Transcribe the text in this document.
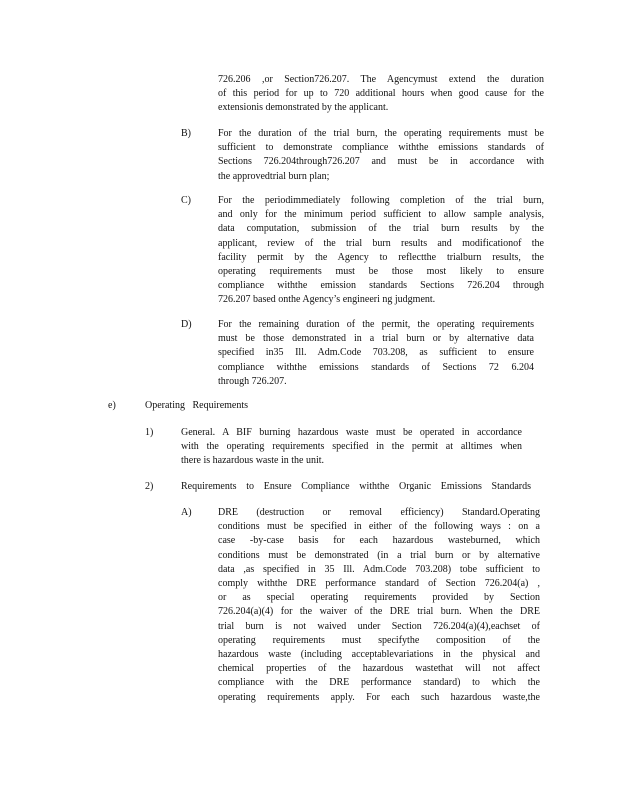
726.206 ,or Section726.207. The Agencymust extend the duration
of this period for up to 720 additional hours when good cause for the
extensionis demonstrated by the applicant.
B)	For the duration of the trial burn, the operating requirements must be
sufficient to demonstrate compliance withthe emissions standards of
Sections 726.204through726.207 and must be in accordance with
the approvedtrial burn plan;
C)	For the periodimmediately following completion of the trial burn,
and only for the minimum period sufficient to allow sample analysis,
data computation, submission of the trial burn results by the
applicant, review of the trial burn results and modificationof the
facility permit by the Agency to reflectthe trialburn results, the
operating requirements must be those most likely to ensure
compliance withthe emission standards Sections 726.204 through
726.207 based onthe Agency’s engineeri ng judgment.
D)	For the remaining duration of the permit, the operating requirements
must be those demonstrated in a trial burn or by alternative data
specified in35 Ill. Adm.Code 703.208, as sufficient to ensure
compliance withthe emissions standards of Sections 72 6.204
through 726.207.
e)	Operating Requirements
1)	General. A BIF burning hazardous waste must be operated in accordance
with the operating requirements specified in the permit at alltimes when
there is hazardous waste in the unit.
2)	Requirements to Ensure Compliance withthe Organic Emissions Standards
A)	DRE (destruction or removal efficiency) Standard.Operating
conditions must be specified in either of the following ways : on a
case -by-case basis for each hazardous wasteburned, which
conditions must be demonstrated (in a trial burn or by alternative
data ,as specified in 35 Ill. Adm.Code 703.208) tobe sufficient to
comply withthe DRE performance standard of Section 726.204(a) ,
or as special operating requirements provided by Section
726.204(a)(4) for the waiver of the DRE trial burn. When the DRE
trial burn is not waived under Section 726.204(a)(4),eachset of
operating requirements must specifythe composition of the
hazardous waste (including acceptablevariations in the physical and
chemical properties of the hazardous wastethat will not affect
compliance with the DRE performance standard) to which the
operating requirements apply. For each such hazardous waste,the
